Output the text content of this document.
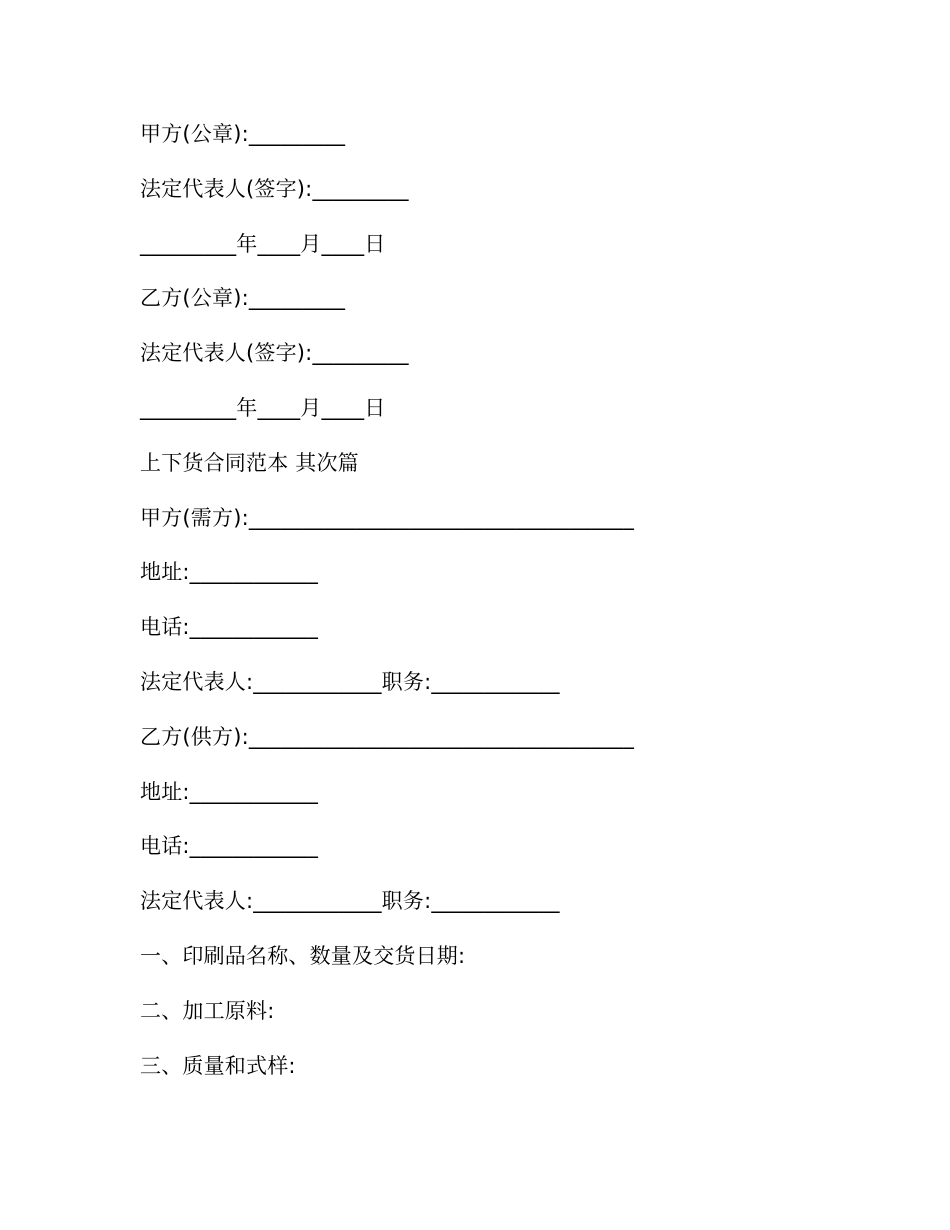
甲方(公章):_________
法定代表人(签字):_________
_________年____月____日
乙方(公章):_________
法定代表人(签字):_________
_________年____月____日
上下货合同范本 其次篇
甲方(需方):____________________________________
地址:____________
电话:____________
法定代表人:____________职务:____________
乙方(供方):____________________________________
地址:____________
电话:____________
法定代表人:____________职务:____________
一、印刷品名称、数量及交货日期:
二、加工原料:
三、质量和式样:
